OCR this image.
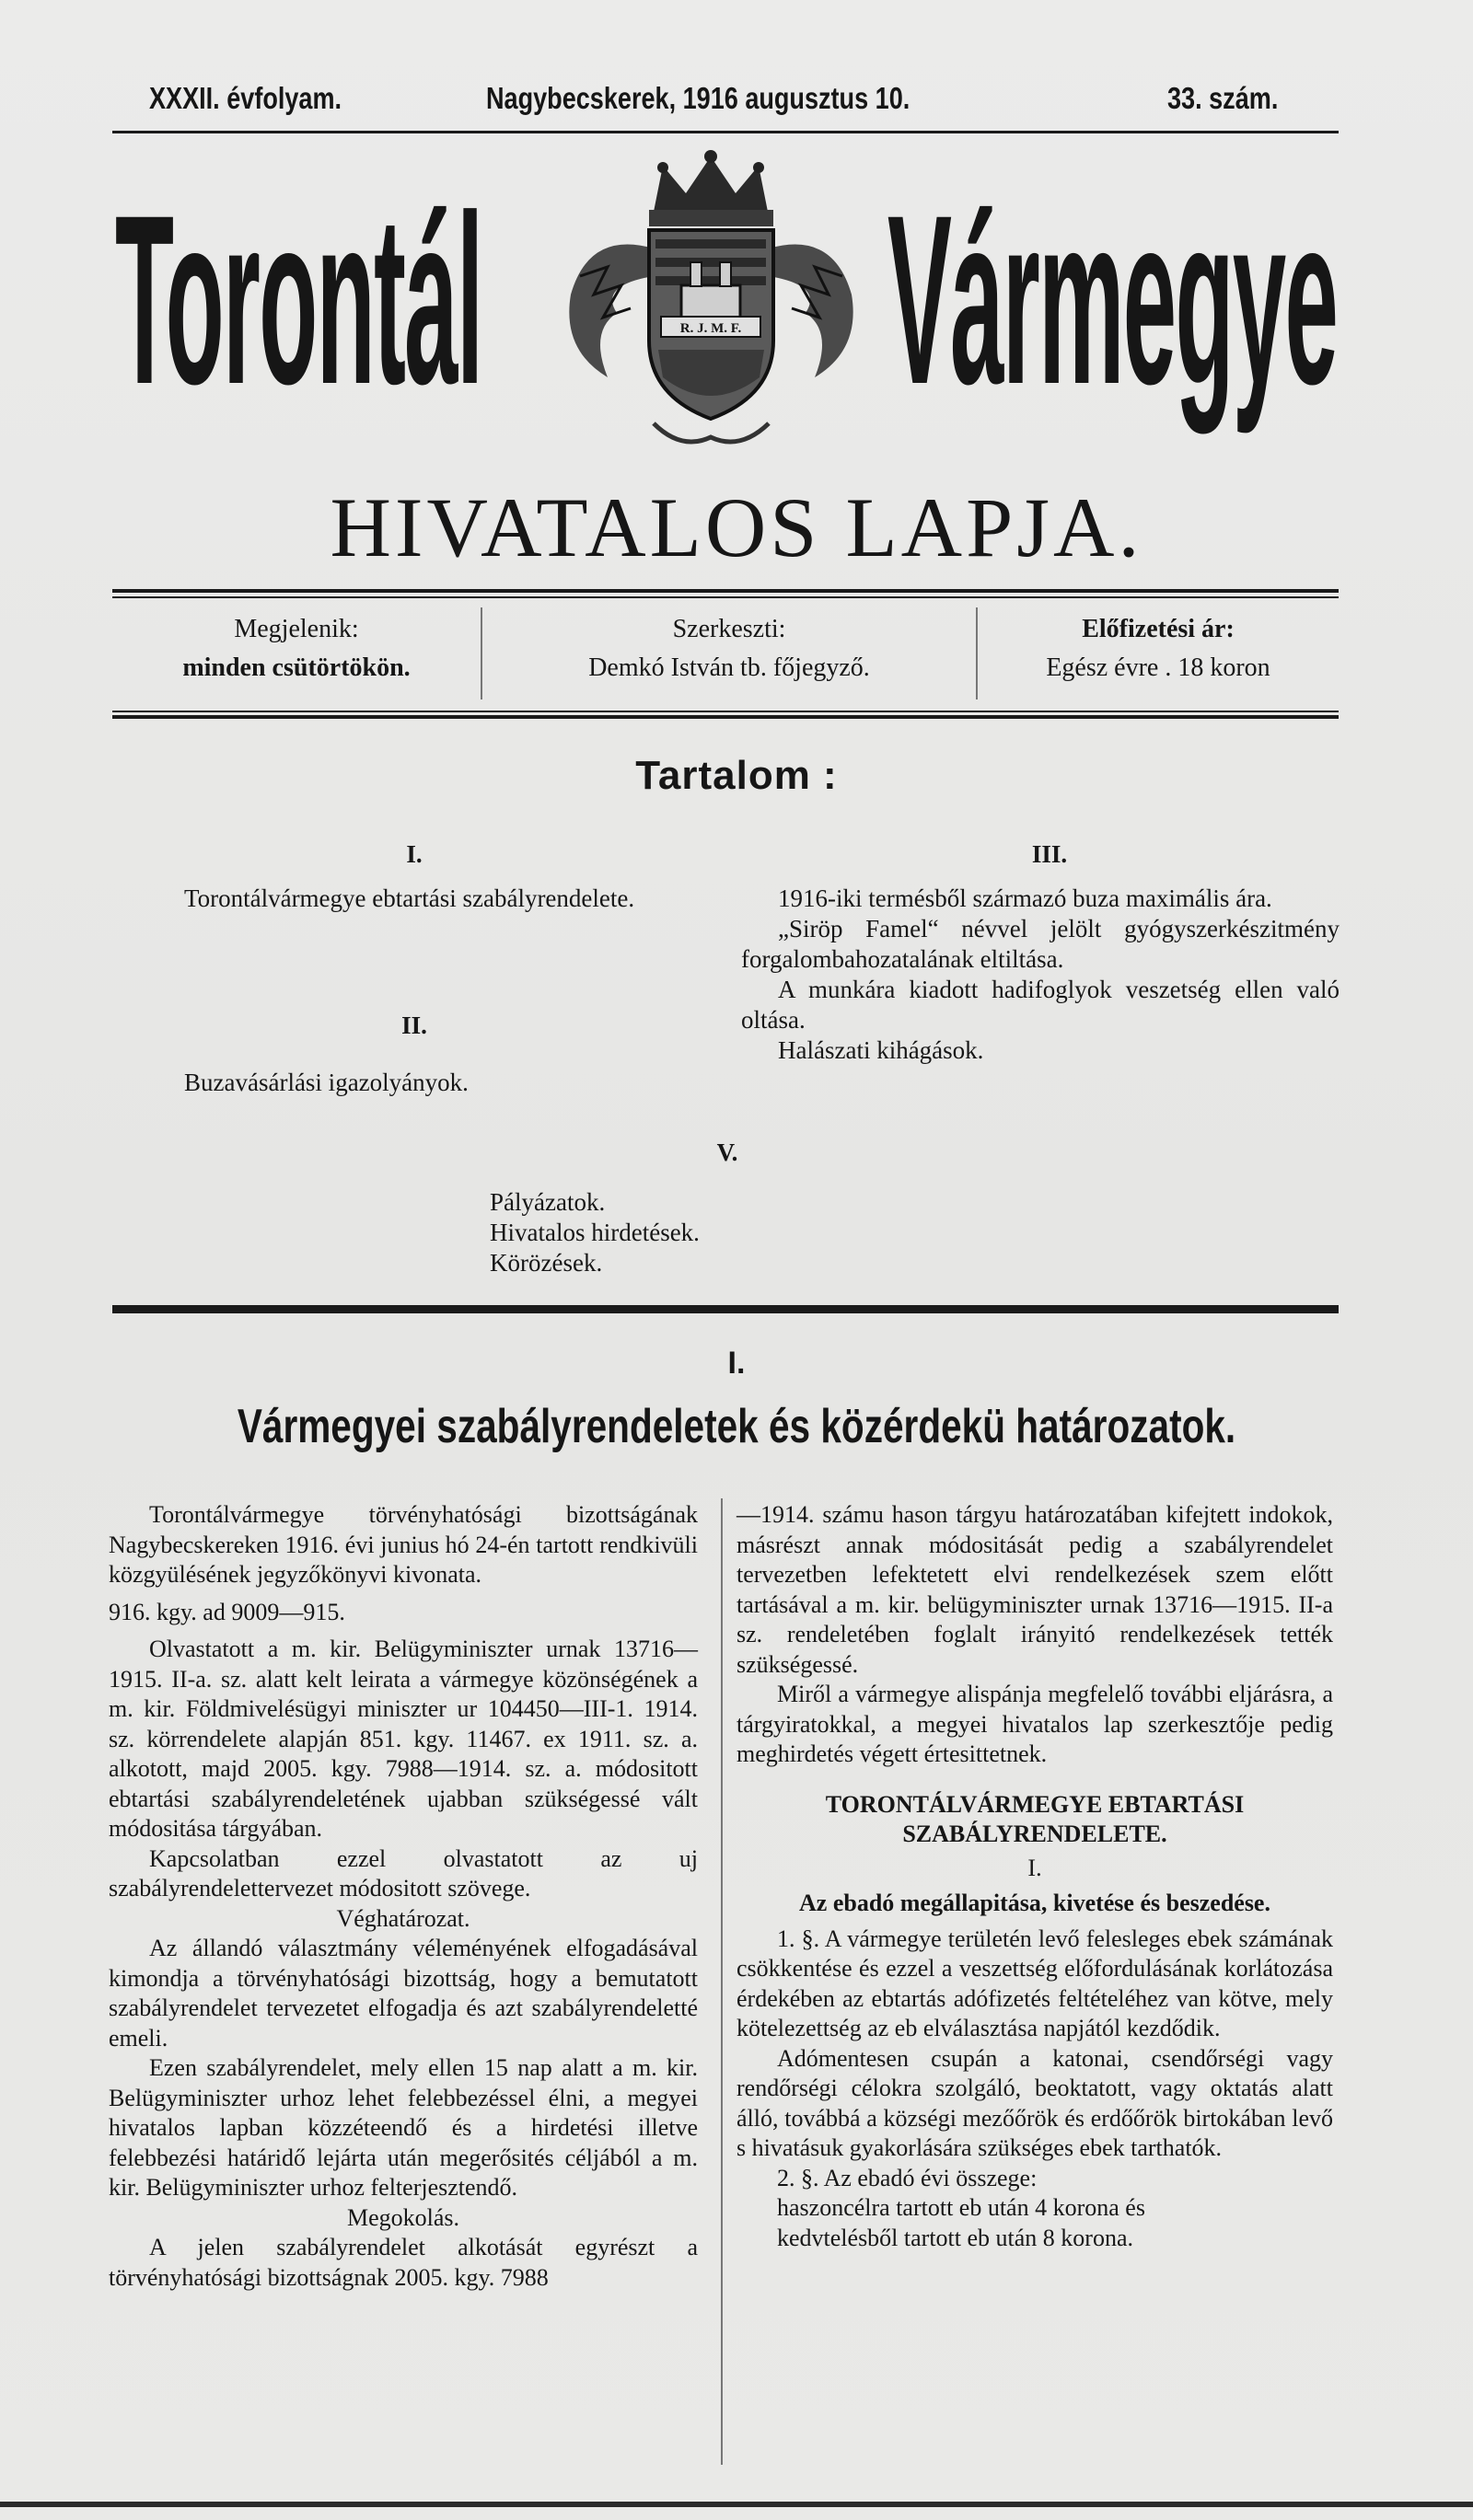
XXXII. évfolyam.	Nagybecskerek, 1916 augusztus 10.	33. szám.
Torontál Vármegye
R. J. M. F.
HIVATALOS LAPJA.
Megjelenik:
minden csütörtökön.
Szerkeszti:
Demkó István tb. főjegyző.
Előfizetési ár:
Egész évre . 18 koron
Tartalom :
I.
Torontálvármegye ebtartási szabályrendelete.
II.
Buzavásárlási igazolyányok.
III.
1916-iki termésből származó buza maximális ára.
„Siröp Famel“ névvel jelölt gyógyszerkészitmény forgalombahozatalának eltiltása.
A munkára kiadott hadifoglyok veszetség ellen való oltása.
Halászati kihágások.
V.
Pályázatok.
Hivatalos hirdetések.
Körözések.
I.
Vármegyei szabályrendeletek és közérdekü határozatok.

Torontálvármegye törvényhatósági bizottságának Nagybecskereken 1916. évi junius hó 24-én tartott rendkivüli közgyülésének jegyzőkönyvi kivonata.

916. kgy. ad 9009—915.

Olvastatott a m. kir. Belügyminiszter urnak 13716—1915. II-a. sz. alatt kelt leirata a vármegye közönségének a m. kir. Földmivelésügyi miniszter ur 104450—III-1. 1914. sz. körrendelete alapján 851. kgy. 11467. ex 1911. sz. a. alkotott, majd 2005. kgy. 7988—1914. sz. a. módositott ebtartási szabályrendeletének ujabban szükségessé vált módositása tárgyában.

Kapcsolatban ezzel olvastatott az uj szabályrendelettervezet módositott szövege.

Véghatározat.

Az állandó választmány véleményének elfogadásával kimondja a törvényhatósági bizottság, hogy a bemutatott szabályrendelet tervezetet elfogadja és azt szabályrendeletté emeli.

Ezen szabályrendelet, mely ellen 15 nap alatt a m. kir. Belügyminiszter urhoz lehet felebbezéssel élni, a megyei hivatalos lapban közzéteendő és a hirdetési illetve felebbezési határidő lejárta után megerősités céljából a m. kir. Belügyminiszter urhoz felterjesztendő.

Megokolás.

A jelen szabályrendelet alkotását egyrészt a törvényhatósági bizottságnak 2005. kgy. 7988

—1914. számu hason tárgyu határozatában kifejtett indokok, másrészt annak módositását pedig a szabályrendelet tervezetben lefektetett elvi rendelkezések szem előtt tartásával a m. kir. belügyminiszter urnak 13716—1915. II-a sz. rendeletében foglalt irányitó rendelkezések tették szükségessé.

Miről a vármegye alispánja megfelelő további eljárásra, a tárgyiratokkal, a megyei hivatalos lap szerkesztője pedig meghirdetés végett értesittetnek.

TORONTÁLVÁRMEGYE EBTARTÁSI SZABÁLYRENDELETE.

I.

Az ebadó megállapitása, kivetése és beszedése.

1. §. A vármegye területén levő felesleges ebek számának csökkentése és ezzel a veszettség előfordulásának korlátozása érdekében az ebtartás adófizetés feltételéhez van kötve, mely kötelezettség az eb elválasztása napjától kezdődik.

Adómentesen csupán a katonai, csendőrségi vagy rendőrségi célokra szolgáló, beoktatott, vagy oktatás alatt álló, továbbá a községi mezőőrök és erdőőrök birtokában levő s hivatásuk gyakorlására szükséges ebek tarthatók.

2. §. Az ebadó évi összege:

haszoncélra tartott eb után 4 korona és

kedvtelésből tartott eb után 8 korona.
